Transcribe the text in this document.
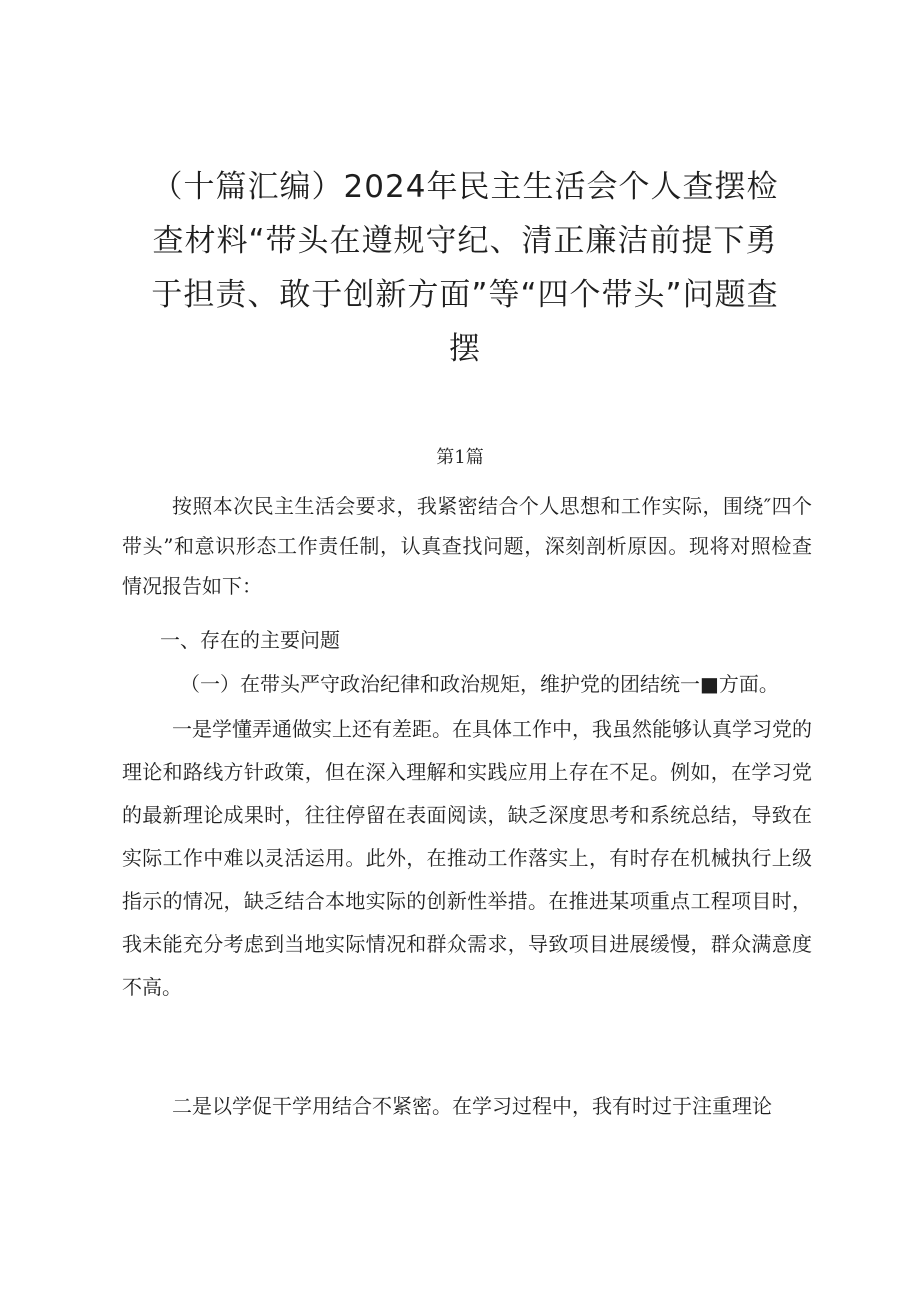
（十篇汇编）2024年民主生活会个人查摆检查材料“带头在遵规守纪、清正廉洁前提下勇于担责、敢于创新方面”等“四个带头”问题查摆
第1篇

按照本次民主生活会要求，我紧密结合个人思想和工作实际，围绕″四个带头”和意识形态工作责任制，认真查找问题，深刻剖析原因。现将对照检查情况报告如下：

一、存在的主要问题

（一）在带头严守政治纪律和政治规矩，维护党的团结统一■方面。

一是学懂弄通做实上还有差距。在具体工作中，我虽然能够认真学习党的理论和路线方针政策，但在深入理解和实践应用上存在不足。例如，在学习党的最新理论成果时，往往停留在表面阅读，缺乏深度思考和系统总结，导致在实际工作中难以灵活运用。此外，在推动工作落实上，有时存在机械执行上级指示的情况，缺乏结合本地实际的创新性举措。在推进某项重点工程项目时，我未能充分考虑到当地实际情况和群众需求，导致项目进展缓慢，群众满意度不高。

二是以学促干学用结合不紧密。在学习过程中，我有时过于注重理论
